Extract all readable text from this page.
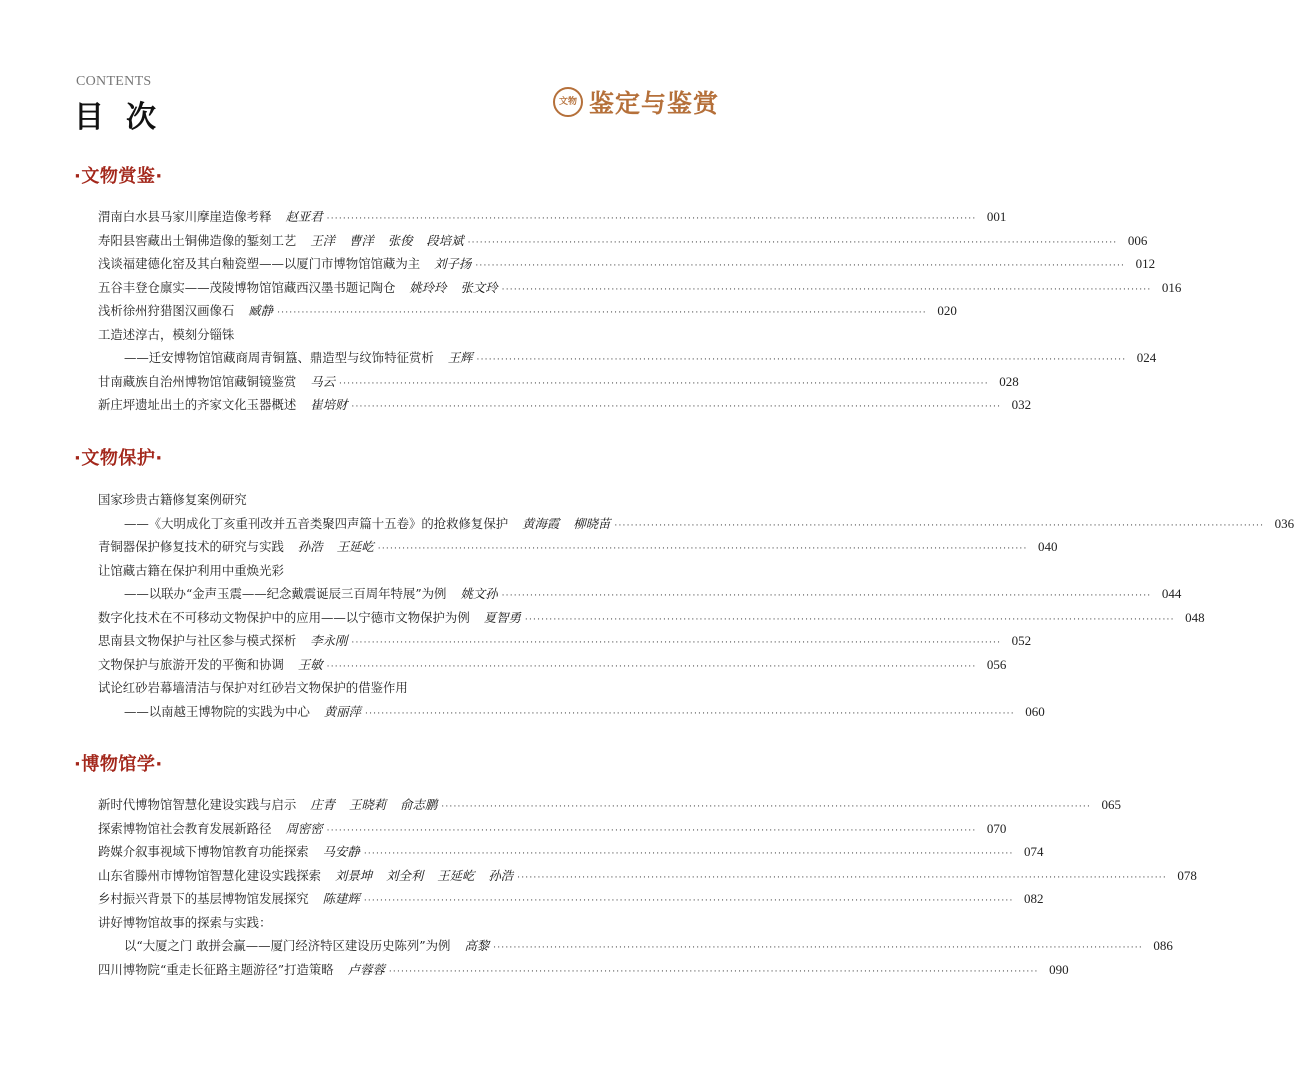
CONTENTS
目次	文物 鉴定与鉴赏
·文物赏鉴·
渭南白水县马家川摩崖造像考释 赵亚君 ································································································································································ 001
寿阳县窖藏出土铜佛造像的錾刻工艺 王洋 曹洋 张俊 段培斌 ································································································································································ 006
浅谈福建德化窑及其白釉瓷塑——以厦门市博物馆馆藏为主 刘子扬 ································································································································································ 012
五谷丰登仓廪实——茂陵博物馆馆藏西汉墨书题记陶仓 姚玲玲 张文玲 ································································································································································ 016
浅析徐州狩猎图汉画像石 臧静 ································································································································································ 020
工造述淳古，模刻分锱铢
——迁安博物馆馆藏商周青铜簋、鼎造型与纹饰特征赏析 王辉 ································································································································································ 024
甘南藏族自治州博物馆馆藏铜镜鉴赏 马云 ································································································································································ 028
新庄坪遗址出土的齐家文化玉器概述 崔培财 ································································································································································ 032
·文物保护·
国家珍贵古籍修复案例研究
——《大明成化丁亥重刊改并五音类聚四声篇十五卷》的抢救修复保护 黄海霞 柳晓苗 ································································································································································ 036
青铜器保护修复技术的研究与实践 孙浩 王延屹 ································································································································································ 040
让馆藏古籍在保护利用中重焕光彩
——以联办“金声玉震——纪念戴震诞辰三百周年特展”为例 姚文孙 ································································································································································ 044
数字化技术在不可移动文物保护中的应用——以宁德市文物保护为例 夏智勇 ································································································································································ 048
思南县文物保护与社区参与模式探析 李永刚 ································································································································································ 052
文物保护与旅游开发的平衡和协调 王敏 ································································································································································ 056
试论红砂岩幕墙清洁与保护对红砂岩文物保护的借鉴作用
——以南越王博物院的实践为中心 黄丽萍 ································································································································································ 060
·博物馆学·
新时代博物馆智慧化建设实践与启示 庄青 王晓莉 俞志鹏 ································································································································································ 065
探索博物馆社会教育发展新路径 周密密 ································································································································································ 070
跨媒介叙事视域下博物馆教育功能探索 马安静 ································································································································································ 074
山东省滕州市博物馆智慧化建设实践探索 刘景坤 刘全利 王延屹 孙浩 ································································································································································ 078
乡村振兴背景下的基层博物馆发展探究 陈建辉 ································································································································································ 082
讲好博物馆故事的探索与实践：
以“大厦之门 敢拼会赢——厦门经济特区建设历史陈列”为例 高黎 ································································································································································ 086
四川博物院“重走长征路主题游径”打造策略 卢蓉蓉 ································································································································································ 090
